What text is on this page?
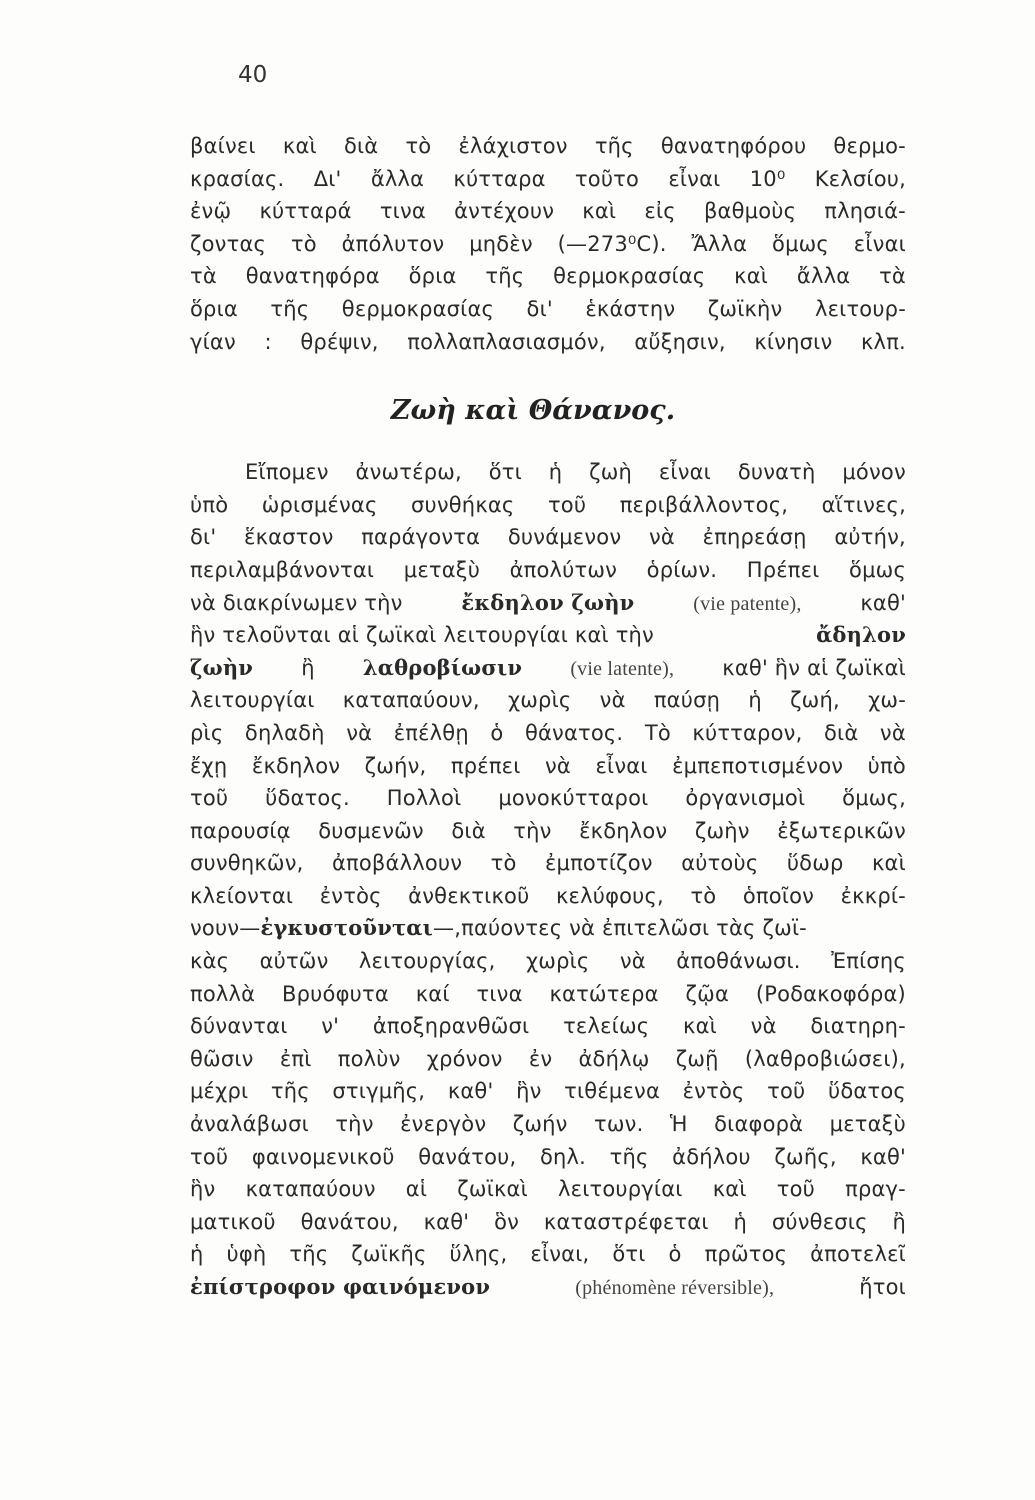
40
βαίνει καὶ διὰ τὸ ἐλάχιστον τῆς θανατηφόρου θερμο-
κρασίας. Δι' ἄλλα κύτταρα τοῦτο εἶναι 10⁰ Κελσίου,
ἐνῷ κύτταρά τινα ἀντέχουν καὶ εἰς βαθμοὺς πλησιά-
ζοντας τὸ ἀπόλυτον μηδὲν (—273⁰C). Ἄλλα ὅμως εἶναι
τὰ θανατηφόρα ὅρια τῆς θερμοκρασίας καὶ ἄλλα τὰ
ὅρια τῆς θερμοκρασίας δι' ἑκάστην ζωϊκὴν λειτουρ-
γίαν : θρέψιν, πολλαπλασιασμόν, αὔξησιν, κίνησιν κλπ.
Ζωὴ καὶ Θάνανος.
Εἴπομεν ἀνωτέρω, ὅτι ἡ ζωὴ εἶναι δυνατὴ μόνον
ὑπὸ ὡρισμένας συνθήκας τοῦ περιβάλλοντος, αἵτινες,
δι' ἕκαστον παράγοντα δυνάμενον νὰ ἐπηρεάσῃ αὐτήν,
περιλαμβάνονται μεταξὺ ἀπολύτων ὁρίων. Πρέπει ὅμως
νὰ διακρίνωμεν τὴν	ἔκδηλον ζωὴν	(vie patente),	καθ'
ἣν τελοῦνται αἱ ζωϊκαὶ λειτουργίαι καὶ τὴν	ἄδηλον
ζωὴν ἢ λαθροβίωσιν (vie latente), καθ' ἣν αἱ ζωϊκαὶ
λειτουργίαι καταπαύουν, χωρὶς νὰ παύσῃ ἡ ζωή, χω-
ρὶς δηλαδὴ νὰ ἐπέλθῃ ὁ θάνατος. Τὸ κύτταρον, διὰ νὰ
ἔχῃ ἔκδηλον ζωήν, πρέπει νὰ εἶναι ἐμπεποτισμένον ὑπὸ
τοῦ ὕδατος. Πολλοὶ μονοκύτταροι ὀργανισμοὶ ὅμως,
παρουσίᾳ δυσμενῶν διὰ τὴν ἔκδηλον ζωὴν ἐξωτερικῶν
συνθηκῶν, ἀποβάλλουν τὸ ἐμποτίζον αὐτοὺς ὕδωρ καὶ
κλείονται ἐντὸς ἀνθεκτικοῦ κελύφους, τὸ ὁποῖον ἐκκρί-
νουν— ἐγκυστοῦνται —,παύοντες νὰ ἐπιτελῶσι τὰς ζωϊ-
κὰς αὐτῶν λειτουργίας, χωρὶς νὰ ἀποθάνωσι. Ἐπίσης
πολλὰ Βρυόφυτα καί τινα κατώτερα ζῷα (Ροδακοφόρα)
δύνανται ν' ἀποξηρανθῶσι τελείως καὶ νὰ διατηρη-
θῶσιν ἐπὶ πολὺν χρόνον ἐν ἀδήλῳ ζωῇ (λαθροβιώσει),
μέχρι τῆς στιγμῆς, καθ' ἣν τιθέμενα ἐντὸς τοῦ ὕδατος
ἀναλάβωσι τὴν ἐνεργὸν ζωήν των. Ἡ διαφορὰ μεταξὺ
τοῦ φαινομενικοῦ θανάτου, δηλ. τῆς ἀδήλου ζωῆς, καθ'
ἣν καταπαύουν αἱ ζωϊκαὶ λειτουργίαι καὶ τοῦ πραγ-
ματικοῦ θανάτου, καθ' ὃν καταστρέφεται ἡ σύνθεσις ἢ
ἡ ὑφὴ τῆς ζωϊκῆς ὕλης, εἶναι, ὅτι ὁ πρῶτος ἀποτελεῖ
ἐπίστροφον φαινόμενον	(phénomène réversible),	ἤτοι
